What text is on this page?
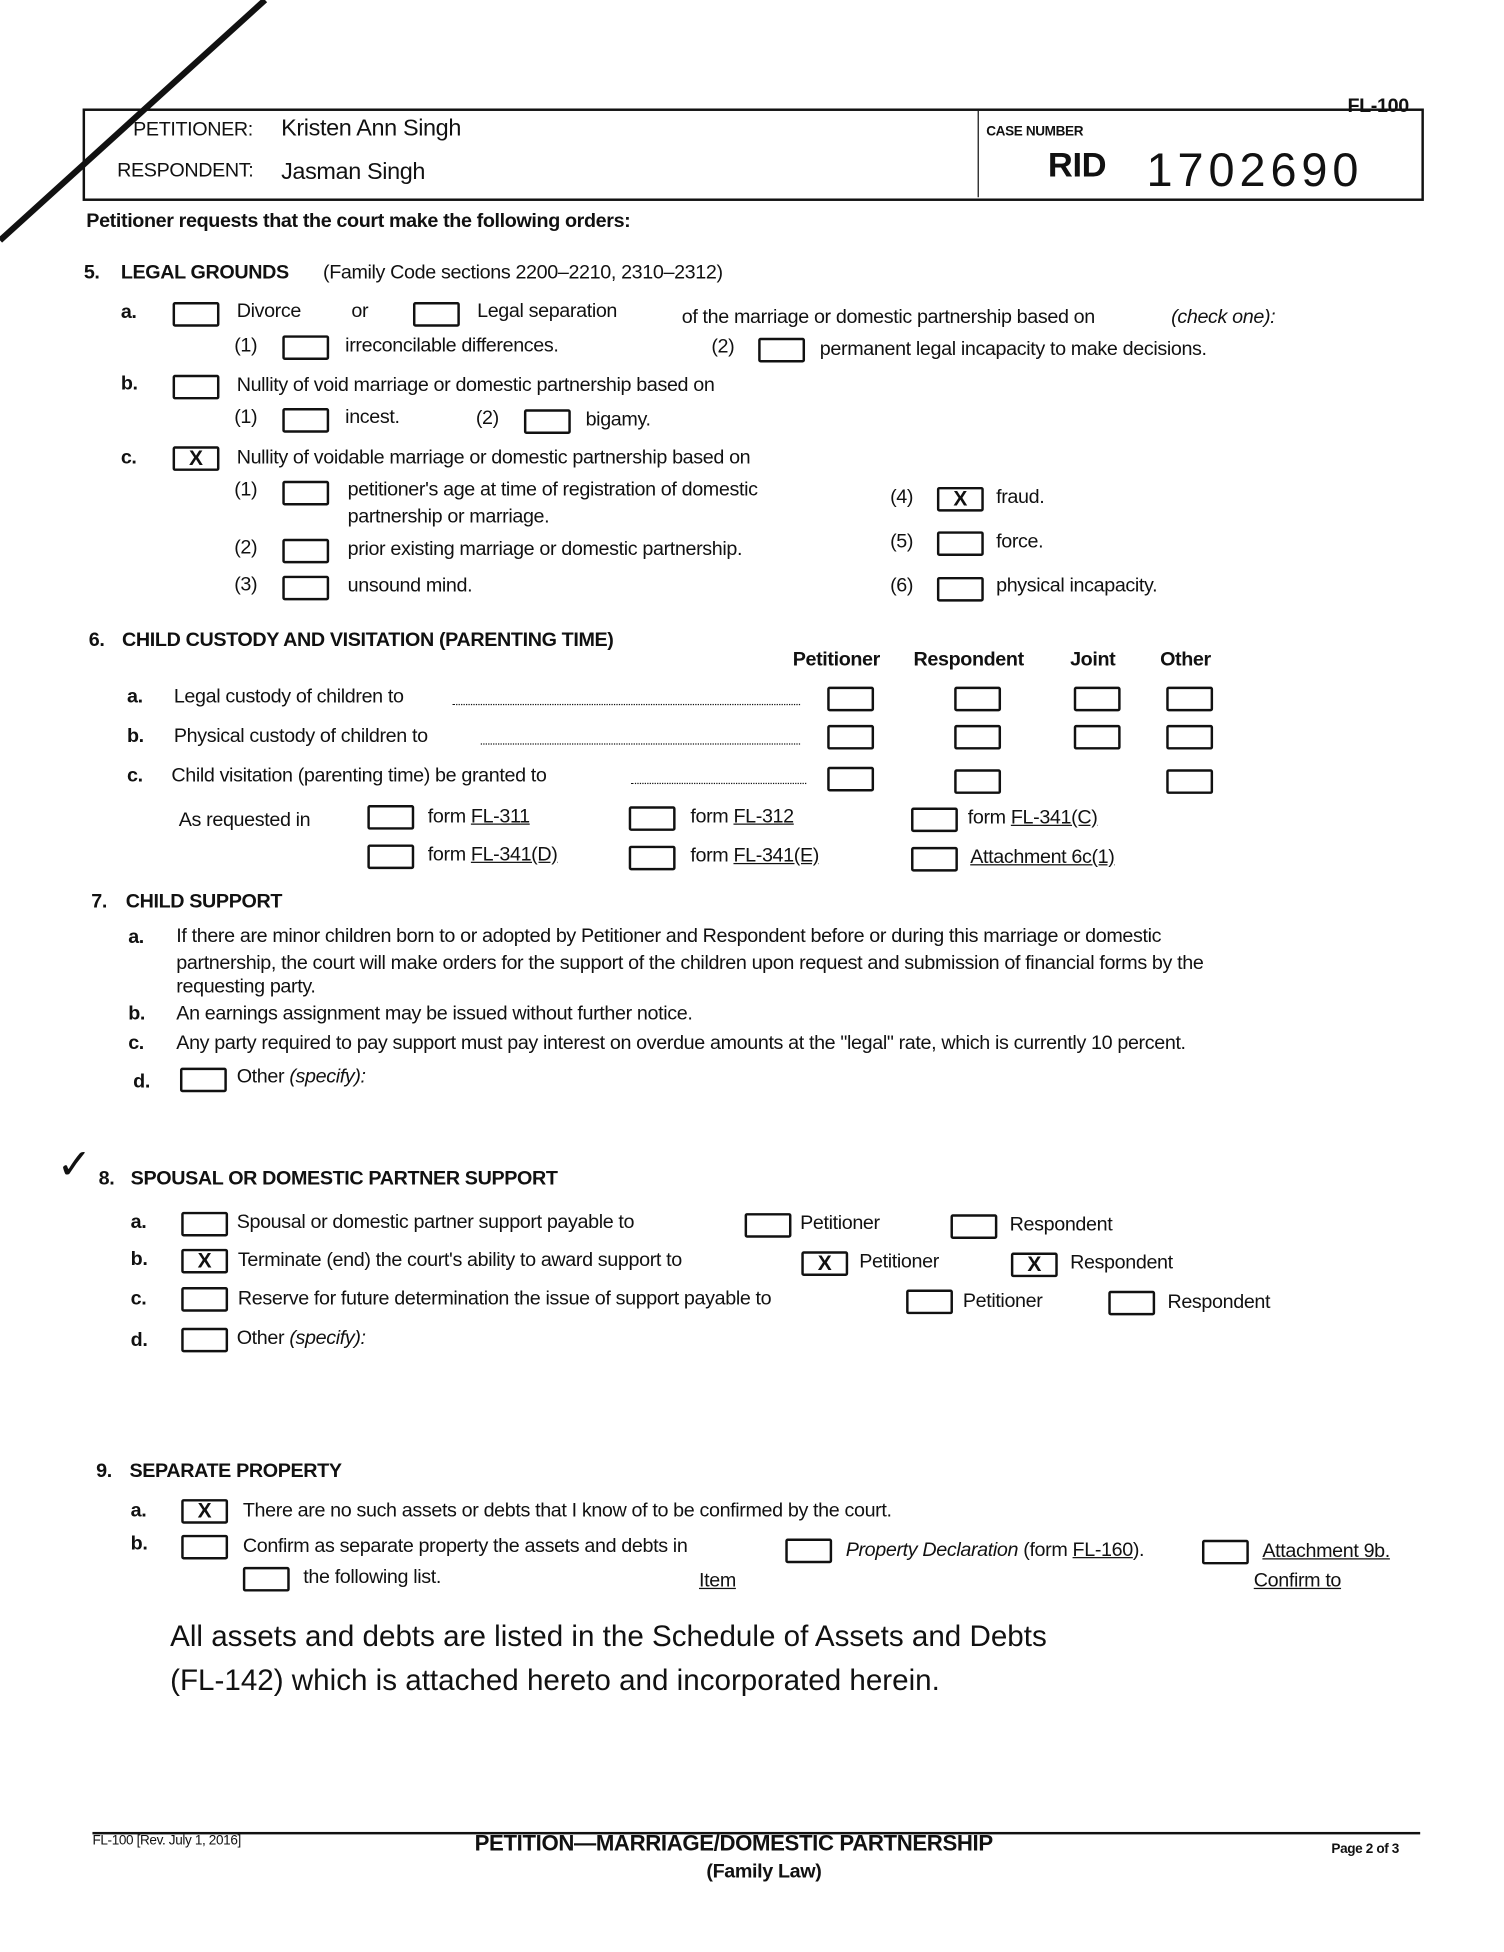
FL-100
PETITIONER: Kristen Ann Singh
RESPONDENT: Jasman Singh
CASE NUMBER
RID 1702690
Petitioner requests that the court make the following orders:
5. LEGAL GROUNDS (Family Code sections 2200–2210, 2310–2312)
a.	Divorce	or	Legal separation	of the marriage or domestic partnership based on	(check one):
(1)	irreconcilable differences.	(2)	permanent legal incapacity to make decisions.
b.	Nullity of void marriage or domestic partnership based on
(1)	incest.	(2)	bigamy.
c.	X	Nullity of voidable marriage or domestic partnership based on
(1)	petitioner's age at time of registration of domestic
partnership or marriage.
(2)	prior existing marriage or domestic partnership.
(3)	unsound mind.
(4)	X	fraud.
(5)	force.
(6)	physical incapacity.
6. CHILD CUSTODY AND VISITATION (PARENTING TIME)
Petitioner Respondent	Joint	Other
a. Legal custody of children to
b. Physical custody of children to
c. Child visitation (parenting time) be granted to
As requested in	form FL-311	form FL-312	form FL-341(C)
form FL-341(D)	form FL-341(E)	Attachment 6c(1)
7. CHILD SUPPORT
a. If there are minor children born to or adopted by Petitioner and Respondent before or during this marriage or domestic
partnership, the court will make orders for the support of the children upon request and submission of financial forms by the
requesting party.
b. An earnings assignment may be issued without further notice.
c. Any party required to pay support must pay interest on overdue amounts at the "legal" rate, which is currently 10 percent.
d.	Other (specify):
✓ 8. SPOUSAL OR DOMESTIC PARTNER SUPPORT
a.	Spousal or domestic partner support payable to	Petitioner	Respondent
b.	X	Terminate (end) the court's ability to award support to	X	Petitioner	X	Respondent
c.	Reserve for future determination the issue of support payable to	Petitioner	Respondent
d.	Other (specify):
9. SEPARATE PROPERTY
a.	X	There are no such assets or debts that I know of to be confirmed by the court.
b.	Confirm as separate property the assets and debts in	Property Declaration (form FL-160).	Attachment 9b.
the following list.	Item	Confirm to
All assets and debts are listed in the Schedule of Assets and Debts
(FL-142) which is attached hereto and incorporated herein.
FL-100 [Rev. July 1, 2016]	PETITION—MARRIAGE/DOMESTIC PARTNERSHIP
(Family Law)
Page 2 of 3
